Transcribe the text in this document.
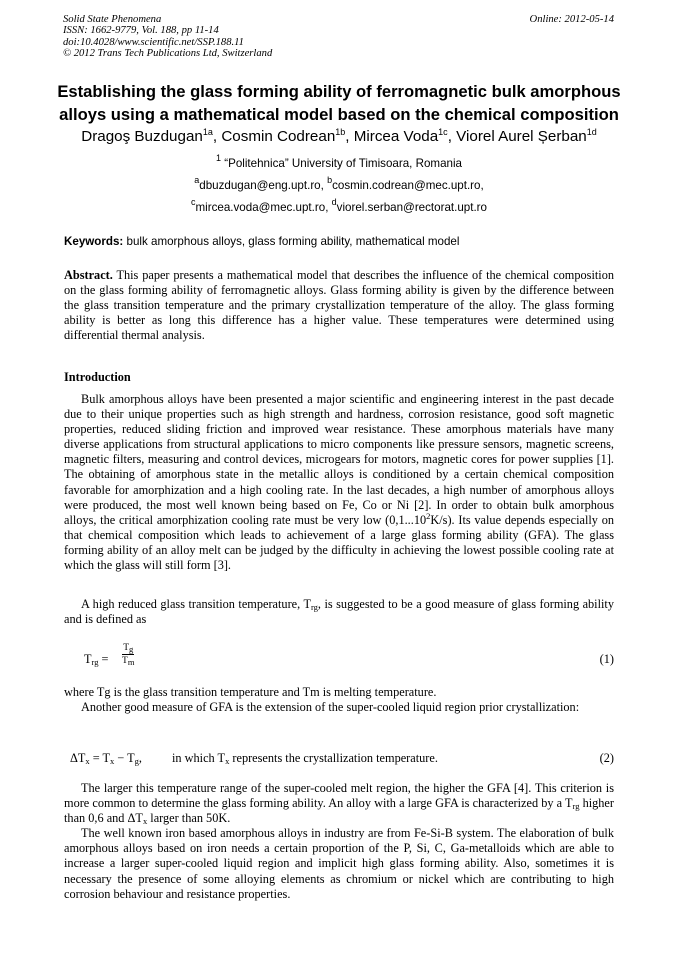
Solid State Phenomena
ISSN: 1662-9779, Vol. 188, pp 11-14
doi:10.4028/www.scientific.net/SSP.188.11
© 2012 Trans Tech Publications Ltd, Switzerland
Online: 2012-05-14
Establishing the glass forming ability of ferromagnetic bulk amorphous
alloys using a mathematical model based on the chemical composition
Dragoş Buzdugan$^{1a}$, Cosmin Codrean$^{1b}$, Mircea Voda$^{1c}$, Viorel Aurel Șerban$^{1d}$
$^1$ “Politehnica” University of Timisoara, Romania
$^a$dbuzdugan@eng.upt.ro, $^b$cosmin.codrean@mec.upt.ro,
$^c$mircea.voda@mec.upt.ro, $^d$viorel.serban@rectorat.upt.ro
Keywords: bulk amorphous alloys, glass forming ability, mathematical model
Abstract. This paper presents a mathematical model that describes the influence of the chemical composition on the glass forming ability of ferromagnetic alloys. Glass forming ability is given by the difference between the glass transition temperature and the primary crystallization temperature of the alloy. The glass forming ability is better as long this difference has a higher value. These temperatures were determined using differential thermal analysis.
Introduction
Bulk amorphous alloys have been presented a major scientific and engineering interest in the past decade due to their unique properties such as high strength and hardness, corrosion resistance, good soft magnetic properties, reduced sliding friction and improved wear resistance. These amorphous materials have many diverse applications from structural applications to micro components like pressure sensors, magnetic screens, magnetic filters, measuring and control devices, microgears for motors, magnetic cores for power supplies [1]. The obtaining of amorphous state in the metallic alloys is conditioned by a certain chemical composition favorable for amorphization and a high cooling rate. In the last decades, a high number of amorphous alloys were produced, the most well known being based on Fe, Co or Ni [2]. In order to obtain bulk amorphous alloys, the critical amorphization cooling rate must be very low (0,1...10$^2$K/s). Its value depends especially on that chemical composition which leads to achievement of a large glass forming ability (GFA). The glass forming ability of an alloy melt can be judged by the difficulty in achieving the lowest possible cooling rate at which the glass will still form [3].
A high reduced glass transition temperature, $T_{rg}$, is suggested to be a good measure of glass forming ability and is defined as
$T_{rg} = \frac{T_g}{T_m}$	(1)
where Tg is the glass transition temperature and Tm is melting temperature.
Another good measure of GFA is the extension of the super-cooled liquid region prior crystallization:
$\Delta T_x = T_x - T_g$, in which $T_x$ represents the crystallization temperature.	(2)
The larger this temperature range of the super-cooled melt region, the higher the GFA [4]. This criterion is more common to determine the glass forming ability. An alloy with a large GFA is characterized by a $T_{rg}$ higher than 0,6 and $\Delta T_x$ larger than 50K.
The well known iron based amorphous alloys in industry are from Fe-Si-B system. The elaboration of bulk amorphous alloys based on iron needs a certain proportion of the P, Si, C, Ga-metalloids which are able to increase a larger super-cooled liquid region and implicit high glass forming ability. Also, sometimes it is necessary the presence of some alloying elements as chromium or nickel which are contributing to high corrosion behaviour and resistance properties.
